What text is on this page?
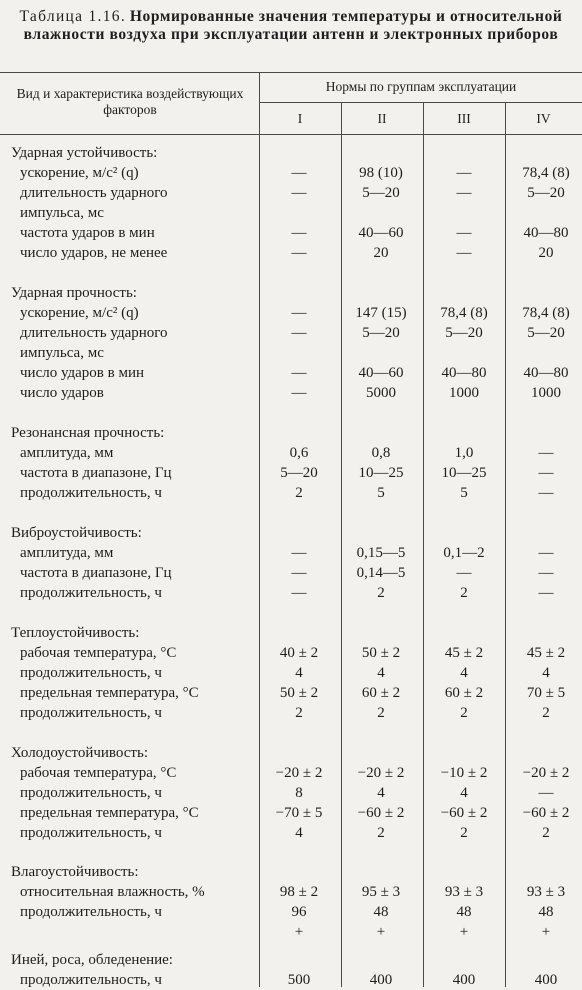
Таблица 1.16. Нормированные значения температуры и относительной влажности воздуха при эксплуатации антенн и электронных приборов
Вид и характеристика воздействующих факторов
Нормы по группам эксплуатации
I	II	III	IV
Ударная устойчивость:
ускорение, м/с² (q)	—	98 (10)	—	78,4 (8)
длительность ударного	—	5—20	—	5—20
импульса, мс
частота ударов в мин	—	40—60	—	40—80
число ударов, не менее	—	20	—	20
Ударная прочность:
ускорение, м/с² (q)	—	147 (15)	78,4 (8)	78,4 (8)
длительность ударного	—	5—20	5—20	5—20
импульса, мс
число ударов в мин	—	40—60	40—80	40—80
число ударов	—	5000	1000	1000
Резонансная прочность:
амплитуда, мм	0,6	0,8	1,0	—
частота в диапазоне, Гц	5—20	10—25	10—25	—
продолжительность, ч	2	5	5	—
Виброустойчивость:
амплитуда, мм	—	0,15—5	0,1—2	—
частота в диапазоне, Гц	—	0,14—5	—	—
продолжительность, ч	—	2	2	—
Теплоустойчивость:
рабочая температура, °С	40 ± 2	50 ± 2	45 ± 2	45 ± 2
продолжительность, ч	4	4	4	4
предельная температура, °С	50 ± 2	60 ± 2	60 ± 2	70 ± 5
продолжительность, ч	2	2	2	2
Холодоустойчивость:
рабочая температура, °С	−20 ± 2	−20 ± 2	−10 ± 2	−20 ± 2
продолжительность, ч	8	4	4	—
предельная температура, °С	−70 ± 5	−60 ± 2	−60 ± 2	−60 ± 2
продолжительность, ч	4	2	2	2
Влагоустойчивость:
относительная влажность, %	98 ± 2	95 ± 3	93 ± 3	93 ± 3
продолжительность, ч	96	48	48	48
+	+	+	+
Иней, роса, обледенение:
продолжительность, ч	500	400	400	400
